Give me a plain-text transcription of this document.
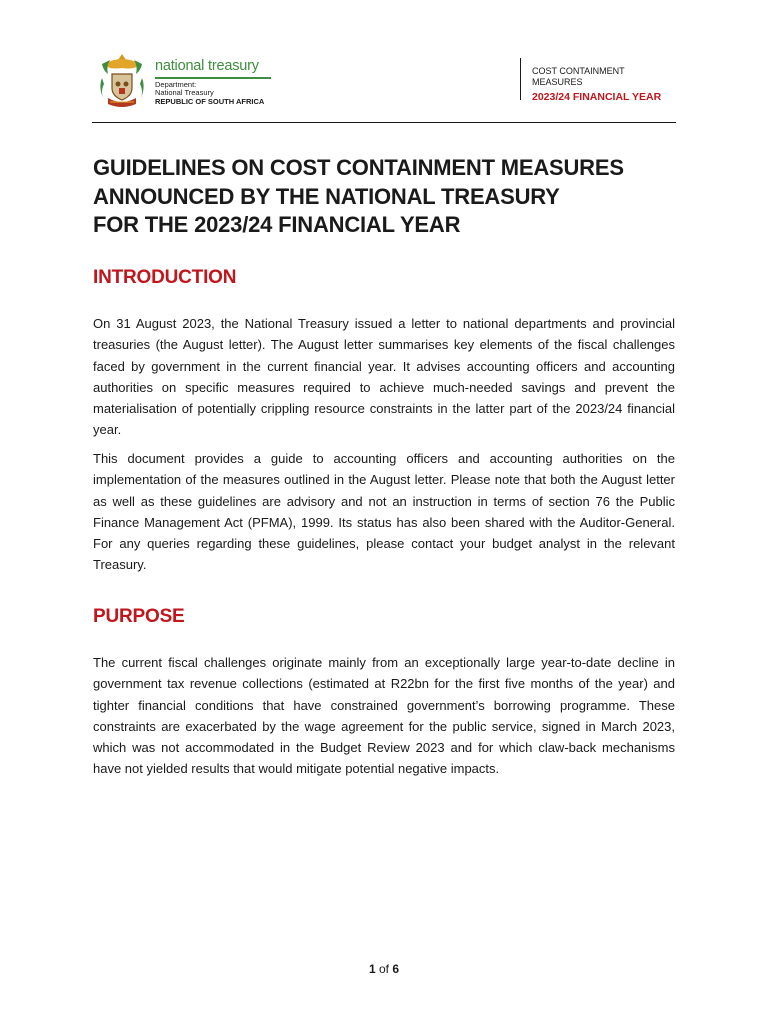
national treasury
Department:
National Treasury
REPUBLIC OF SOUTH AFRICA
COST CONTAINMENT MEASURES
2023/24 FINANCIAL YEAR
GUIDELINES ON COST CONTAINMENT MEASURES
ANNOUNCED BY THE NATIONAL TREASURY
FOR THE 2023/24 FINANCIAL YEAR
INTRODUCTION

On 31 August 2023, the National Treasury issued a letter to national departments and provincial treasuries (the August letter). The August letter summarises key elements of the fiscal challenges faced by government in the current financial year. It advises accounting officers and accounting authorities on specific measures required to achieve much-needed savings and prevent the materialisation of potentially crippling resource constraints in the latter part of the 2023/24 financial year.

This document provides a guide to accounting officers and accounting authorities on the implementation of the measures outlined in the August letter. Please note that both the August letter as well as these guidelines are advisory and not an instruction in terms of section 76 the Public Finance Management Act (PFMA), 1999. Its status has also been shared with the Auditor-General. For any queries regarding these guidelines, please contact your budget analyst in the relevant Treasury.

PURPOSE

The current fiscal challenges originate mainly from an exceptionally large year-to-date decline in government tax revenue collections (estimated at R22bn for the first five months of the year) and tighter financial conditions that have constrained government’s borrowing programme. These constraints are exacerbated by the wage agreement for the public service, signed in March 2023, which was not accommodated in the Budget Review 2023 and for which claw-back mechanisms have not yielded results that would mitigate potential negative impacts.

1 of 6
